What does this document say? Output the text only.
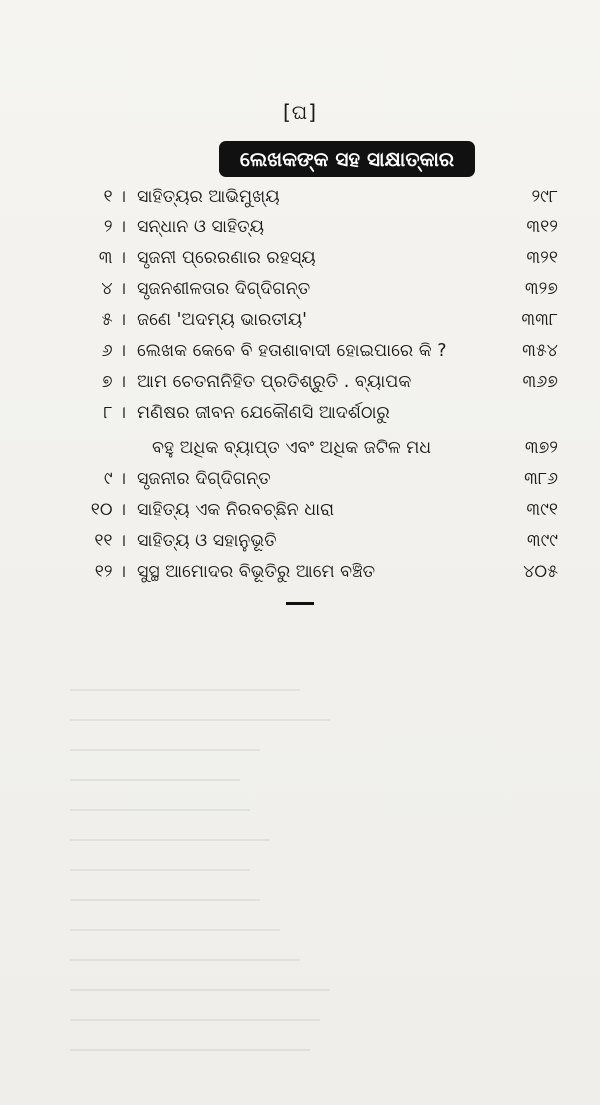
[ଘ]
ଲେଖକଙ୍କ ସହ ସାକ୍ଷାତ୍କାର
୧ । ସାହିତ୍ୟର ଆଭିମୁଖ୍ୟ	୨୯୮
୨ । ସନ୍ଧାନ ଓ ସାହିତ୍ୟ	୩୧୨
୩ । ସୃଜନୀ ପ୍ରେରଣାର ରହସ୍ୟ	୩୨୧
୪ । ସୃଜନଶୀଳତାର ଦିଗ୍‌ଦିଗନ୍ତ	୩୨୭
୫ । ଜଣେ 'ଅଦମ୍ୟ ଭାରତୀୟ'	୩୩୮
୬ । ଲେଖକ କେବେ ବି ହତାଶାବାଦୀ ହୋଇପାରେ କି ?	୩୫୪
୭ । ଆମ ଚେତନାନିହିତ ପ୍ରତିଶ୍ରୁତି . ବ୍ୟାପକ	୩୬୭
୮ । ମଣିଷର ଜୀବନ ଯେକୌଣସି ଆଦର୍ଶଠାରୁ
ବହୁ ଅଧିକ ବ୍ୟାପ୍ତ ଏବଂ ଅଧିକ ଜଟିଳ ମଧ	୩୭୨
୯ । ସୃଜନୀର ଦିଗ୍‌ଦିଗନ୍ତ	୩୮୬
୧୦ । ସାହିତ୍ୟ ଏକ ନିରବଚ୍ଛିନ ଧାରା	୩୯୧
୧୧ । ସାହିତ୍ୟ ଓ ସହାନୁଭୂତି	୩୯୯
୧୨ । ସୁସ୍ଥ ଆମୋଦର ବିଭୂତିରୁ ଆମେ ବଞ୍ଚିତ	୪୦୫
